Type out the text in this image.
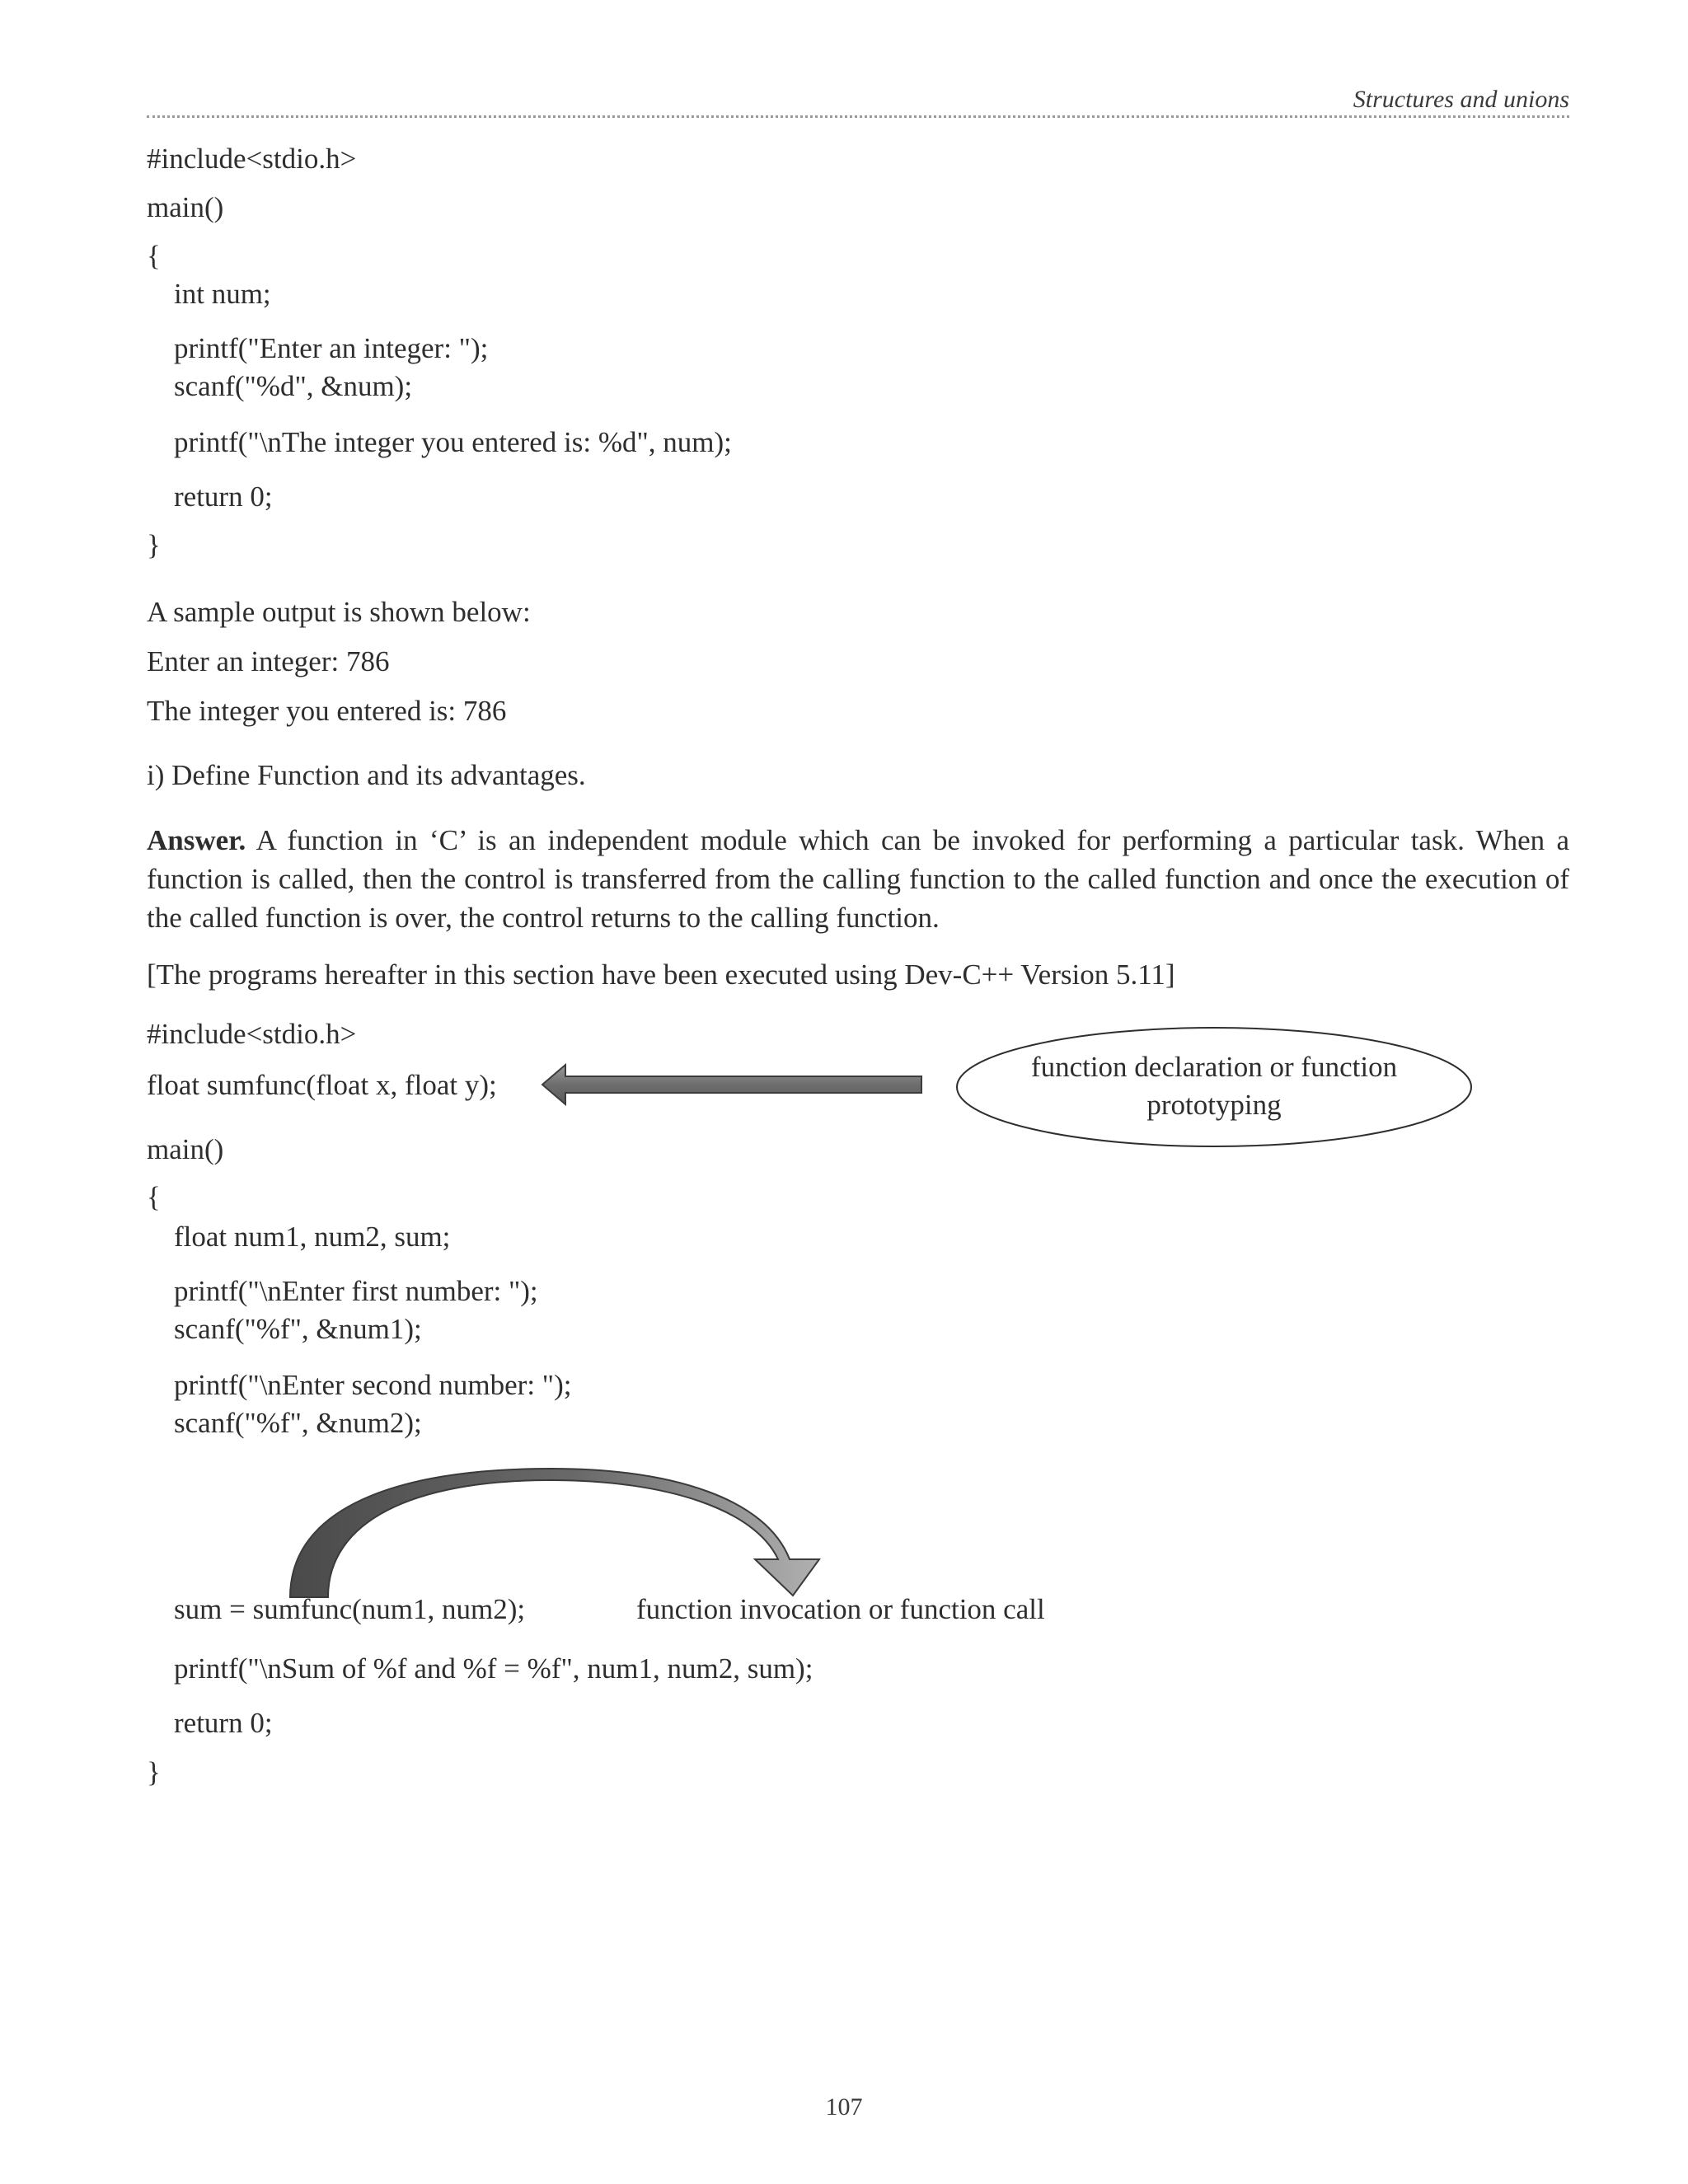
Structures and unions
#include<stdio.h>
main()
{
int num;
printf("Enter an integer: ");
scanf("%d", &num);
printf("\nThe integer you entered is: %d", num);
return 0;
}
A sample output is shown below:
Enter an integer: 786
The integer you entered is: 786
i) Define Function and its advantages.
Answer. A function in ‘C’ is an independent module which can be invoked for performing a particular task. When a function is called, then the control is transferred from the calling function to the called function and once the execution of the called function is over, the control returns to the calling function.
[The programs hereafter in this section have been executed using Dev-C++ Version 5.11]
#include<stdio.h>
float sumfunc(float x, float y);
main()
{
float num1, num2, sum;
printf("\nEnter first number: ");
scanf("%f", &num1);
printf("\nEnter second number: ");
scanf("%f", &num2);
sum = sumfunc(num1, num2);
printf("\nSum of %f and %f = %f", num1, num2, sum);
return 0;
}
function declaration or function
prototyping
function invocation or function call
107
